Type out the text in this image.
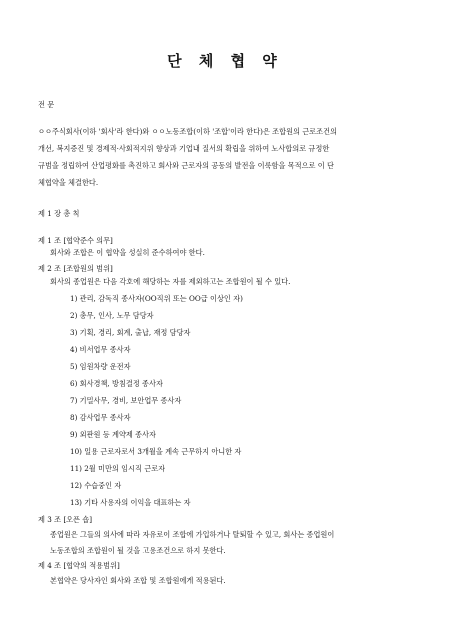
단 체 협 약
전 문
ㅇㅇ주식회사(이하 '회사'라 한다)와 ㅇㅇ노동조합(이하 '조합'이라 한다)은 조합원의 근로조건의
개선, 복지증진 및 경제적·사회적지위 향상과 기업내 질서의 확립을 위하여 노사합의로 규정한
규범을 정립하여 산업평화를 촉진하고 회사와 근로자의 공동의 발전을 이룩함을 목적으로 이 단
체협약을 체결한다.
제 1 장 총 칙
제 1 조 [협약준수 의무]
회사와 조합은 이 협약을 성실히 준수하여야 한다.
제 2 조 [조합원의 범위]
회사의 종업원은 다음 각호에 해당하는 자를 제외하고는 조합원이 될 수 있다.
1) 관리, 감독직 종사자(OO직위 또는 OO급 이상인 자)
2) 총무, 인사, 노무 담당자
3) 기획, 경리, 회계, 출납, 재정 담당자
4) 비서업무 종사자
5) 임원차량 운전자
6) 회사경책, 방침결정 종사자
7) 기밀사무, 경비, 보안업무 종사자
8) 감사업무 종사자
9) 외판원 등 계약제 종사자
10) 일용 근로자로서 3개월을 계속 근무하지 아니한 자
11) 2월 미만의 임시직 근로자
12) 수습중인 자
13) 기타 사용자의 이익을 대표하는 자
제 3 조 [오픈 숍]
종업원은 그들의 의사에 따라 자유로이 조합에 가입하거나 탈퇴할 수 있고, 회사는 종업원이
노동조합의 조합원이 될 것을 고용조건으로 하지 못한다.
제 4 조 [협약의 적용범위]
본협약은 당사자인 회사와 조합 및 조합원에게 적용된다.
